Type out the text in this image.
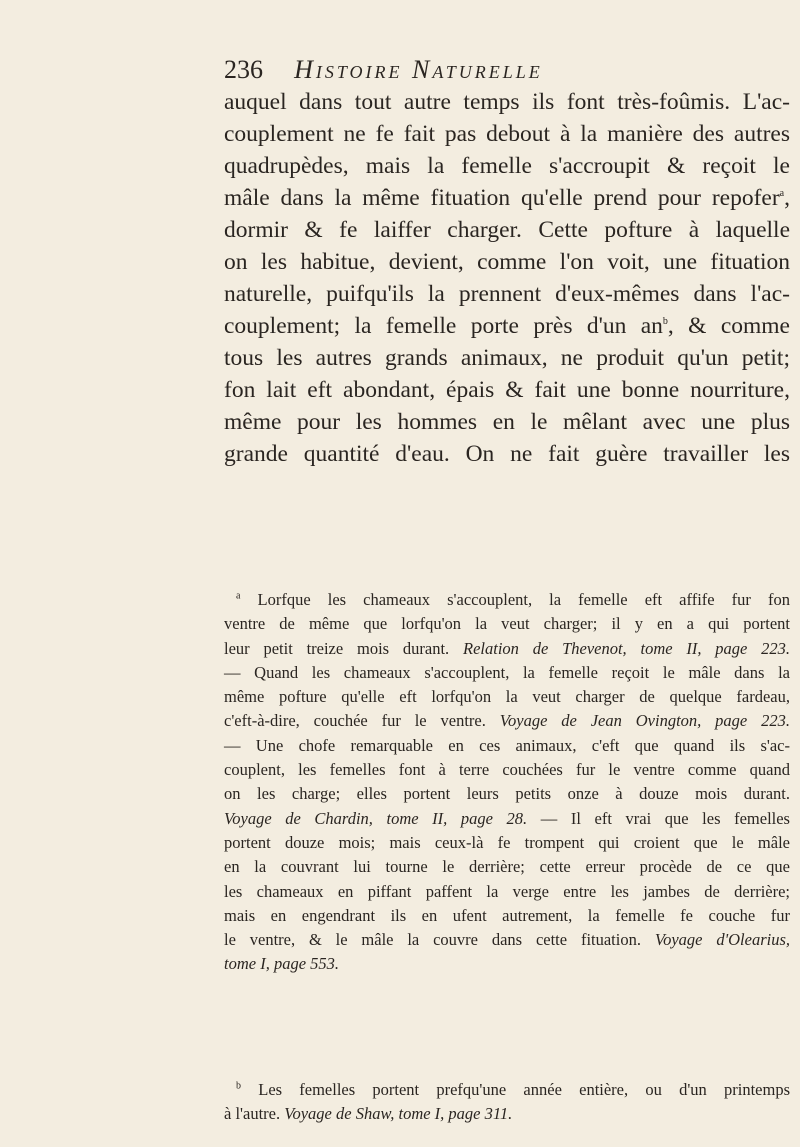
236 Histoire Naturelle
auquel dans tout autre temps ils font très-foûmis. L'ac-
couplement ne fe fait pas debout à la manière des autres
quadrupèdes, mais la femelle s'accroupit & reçoit le
mâle dans la même fituation qu'elle prend pour repofer$^a$,
dormir & fe laiffer charger. Cette pofture à laquelle
on les habitue, devient, comme l'on voit, une fituation
naturelle, puifqu'ils la prennent d'eux-mêmes dans l'ac-
couplement; la femelle porte près d'un $an^b$, & comme
tous les autres grands animaux, ne produit qu'un petit;
fon lait eft abondant, épais & fait une bonne nourriture,
même pour les hommes en le mêlant avec une plus
grande quantité d'eau. On ne fait guère travailler les
$^a$ Lorfque les chameaux s'accouplent, la femelle eft affife fur fon
ventre de même que lorfqu'on la veut charger; il y en a qui portent
leur petit treize mois durant. Relation de Thevenot, tome II, page 223.
— Quand les chameaux s'accouplent, la femelle reçoit le mâle dans la
même pofture qu'elle eft lorfqu'on la veut charger de quelque fardeau,
c'eft-à-dire, couchée fur le ventre. Voyage de Jean Ovington, page 223.
— Une chofe remarquable en ces animaux, c'eft que quand ils s'ac-
couplent, les femelles font à terre couchées fur le ventre comme quand
on les charge; elles portent leurs petits onze à douze mois durant.
Voyage de Chardin, tome II, page 28. — Il eft vrai que les femelles
portent douze mois; mais ceux-là fe trompent qui croient que le mâle
en la couvrant lui tourne le derrière; cette erreur procède de ce que
les chameaux en piffant paffent la verge entre les jambes de derrière;
mais en engendrant ils en ufent autrement, la femelle fe couche fur
le ventre, & le mâle la couvre dans cette fituation. Voyage d'Olearius,
tome I, page 553.
$^b$ Les femelles portent prefqu'une année entière, ou d'un printemps
à l'autre. Voyage de Shaw, tome I, page 311.
